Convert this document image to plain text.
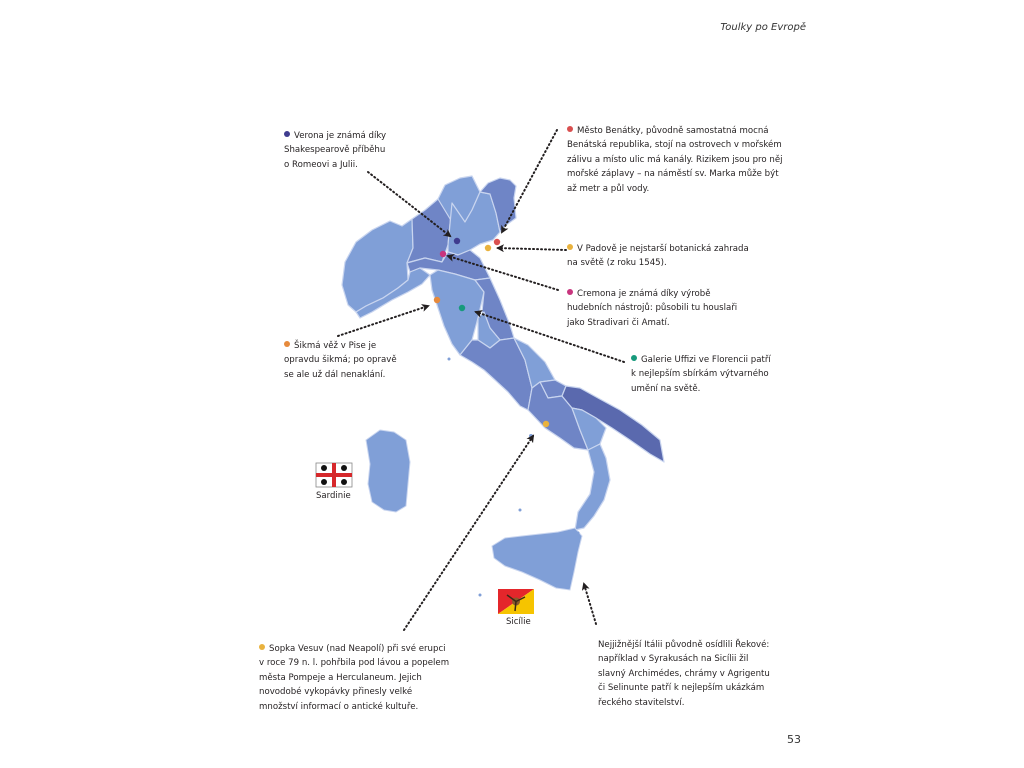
Toulky po Evropě
Sardinie
Sicílie
Verona je známá díky
Shakespearově příběhu
o Romeovi a Julii.
Město Benátky, původně samostatná mocná
Benátská republika, stojí na ostrovech v mořském
zálivu a místo ulic má kanály. Rizikem jsou pro něj
mořské záplavy – na náměstí sv. Marka může být
až metr a půl vody.
V Padově je nejstarší botanická zahrada
na světě (z roku 1545).
Cremona je známá díky výrobě
hudebních nástrojů: působili tu houslaři
jako Stradivari či Amatí.
Šikmá věž v Pise je
opravdu šikmá; po opravě
se ale už dál nenaklání.
Galerie Uffizi ve Florencii patří
k nejlepším sbírkám výtvarného
umění na světě.
Sopka Vesuv (nad Neapolí) při své erupci
v roce 79 n. l. pohřbila pod lávou a popelem
města Pompeje a Herculaneum. Jejich
novodobé vykopávky přinesly velké
množství informací o antické kultuře.
Nejjižnější Itálii původně osídlili Řekové:
například v Syrakusách na Sicílii žil
slavný Archimédes, chrámy v Agrigentu
či Selinunte patří k nejlepším ukázkám
řeckého stavitelství.
53
